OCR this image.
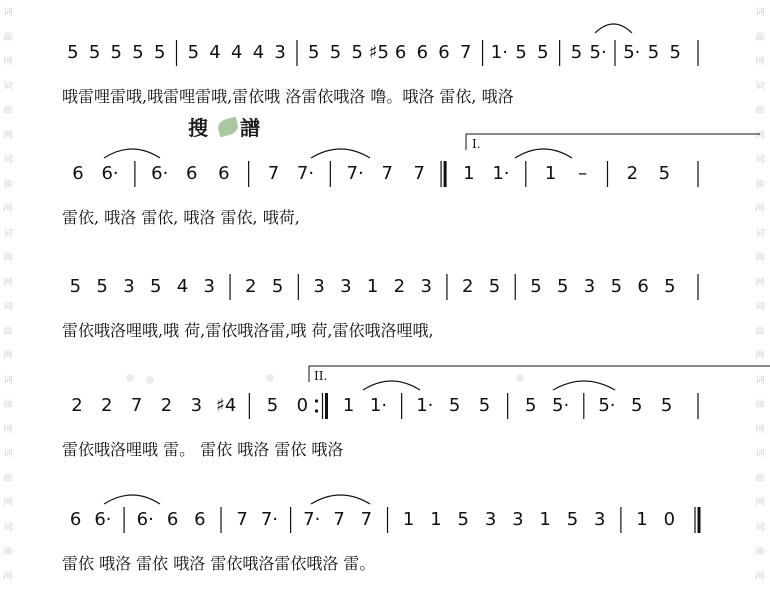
词
曲
网
词
曲
网
词
曲
网
词
曲
网
词
曲
网
词
曲
网
词
曲
网
词
曲
网
词
曲
网
词
曲
网
词
曲
网
词
曲
网
词
曲
网
词
曲
网
词
曲
网
词
曲
网
搜 譜
5 5 5 5 5	5 4 4 4 3	5 5 5 ♯5 6 6 6 7	1· 5 5	5 5· 5· 5 5
哦雷哩雷哦,哦雷哩雷哦,雷依哦 洛雷依哦洛 噜。哦洛 雷依, 哦洛
6 6· 6· 6	6	7 7· 7· 7	7	1 1·	1	–	2	5
雷依, 哦洛 雷依, 哦洛 雷依, 哦荷,
5 5 3 5 4 3	2 5	3 3 1 2 3	2 5	5 5 3 5 6 5
雷依哦洛哩哦,哦 荷,雷依哦洛雷,哦 荷,雷依哦洛哩哦,
2	2	7	2	3 ♯4	5	0	1 1· 1· 5	5	5 5· 5· 5	5
雷依哦洛哩哦 雷。 雷依 哦洛 雷依 哦洛
6 6· 6· 6 6	7 7· 7· 7 7	1 1 5 3 3 1 5 3	1 0
雷依 哦洛 雷依 哦洛 雷依哦洛雷依哦洛 雷。
I.
II.
